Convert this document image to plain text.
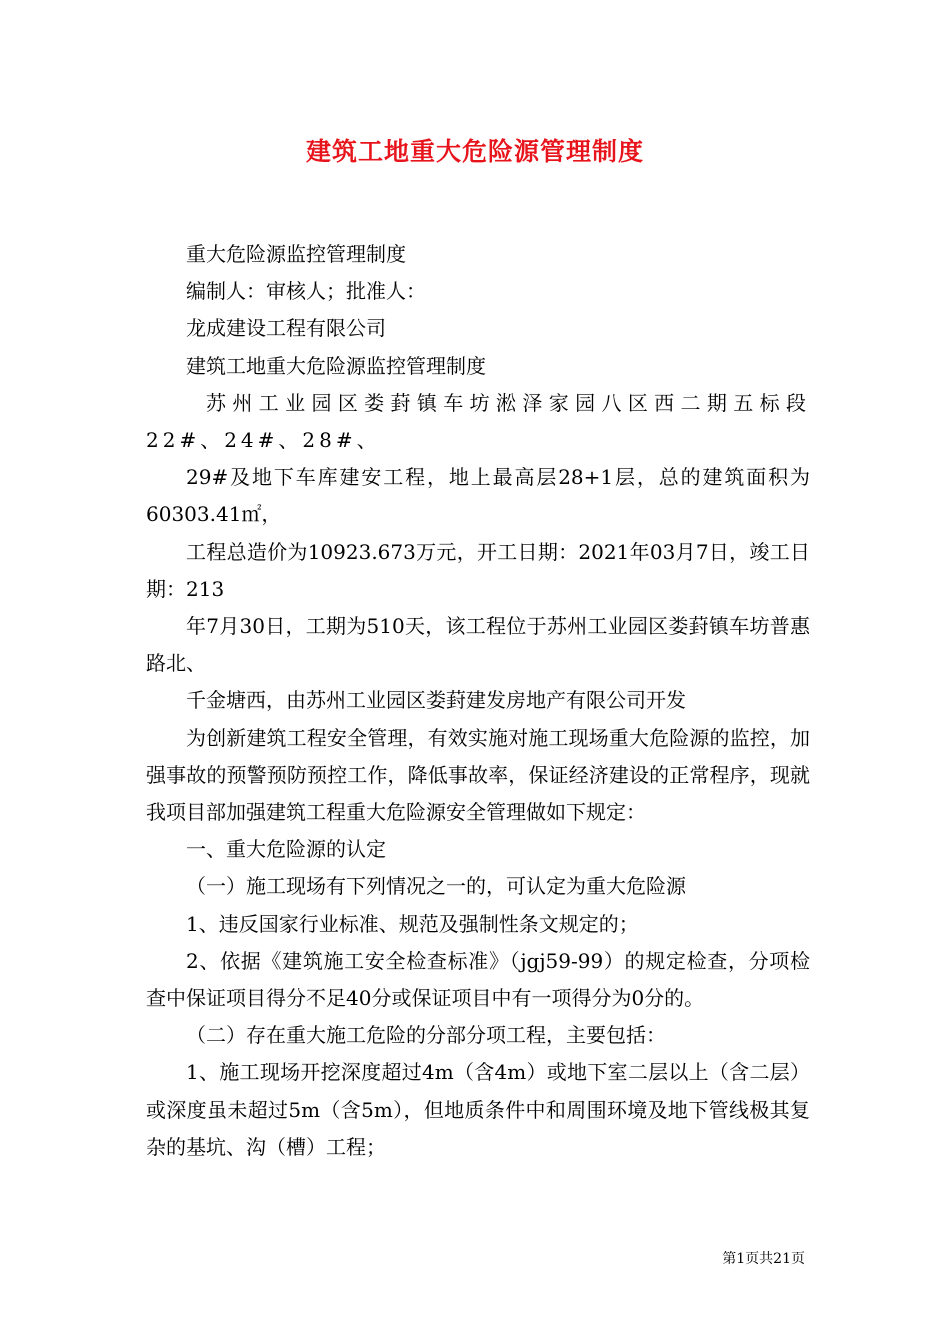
建筑工地重大危险源管理制度

重大危险源监控管理制度

编制人：审核人；批准人：

龙成建设工程有限公司

建筑工地重大危险源监控管理制度

苏州工业园区娄葑镇车坊淞泽家园八区西二期五标段22#、24#、28#、

29#及地下车库建安工程，地上最高层28+1层，总的建筑面积为60303.41㎡，

工程总造价为10923.673万元，开工日期：2021年03月7日，竣工日期：213

年7月30日，工期为510天，该工程位于苏州工业园区娄葑镇车坊普惠路北、

千金塘西，由苏州工业园区娄葑建发房地产有限公司开发

为创新建筑工程安全管理，有效实施对施工现场重大危险源的监控，加强事故的预警预防预控工作，降低事故率，保证经济建设的正常程序，现就我项目部加强建筑工程重大危险源安全管理做如下规定：

一、重大危险源的认定

（一）施工现场有下列情况之一的，可认定为重大危险源

1、违反国家行业标准、规范及强制性条文规定的；

2、依据《建筑施工安全检查标准》（jgj59-99）的规定检查，分项检查中保证项目得分不足40分或保证项目中有一项得分为0分的。

（二）存在重大施工危险的分部分项工程，主要包括：

1、施工现场开挖深度超过4m（含4m）或地下室二层以上（含二层）或深度虽未超过5m（含5m），但地质条件中和周围环境及地下管线极其复杂的基坑、沟（槽）工程；

第1页共21页
